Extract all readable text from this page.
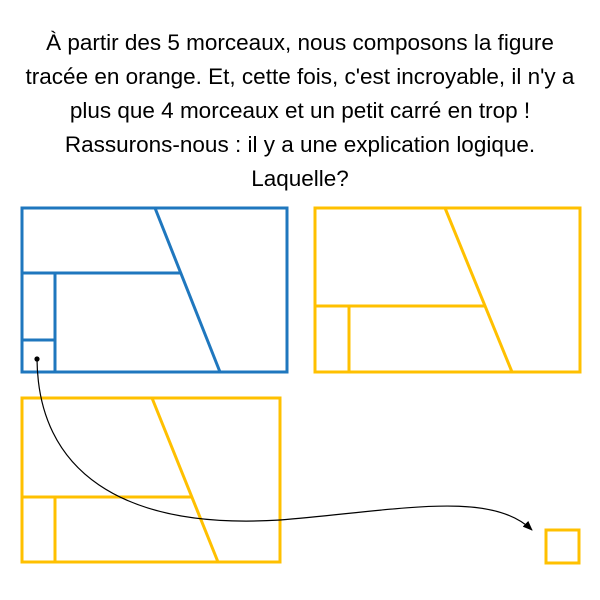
À partir des 5 morceaux, nous composons la figure tracée en orange. Et, cette fois, c'est incroyable, il n'y a plus que 4 morceaux et un petit carré en trop ! Rassurons-nous : il y a une explication logique. Laquelle?
